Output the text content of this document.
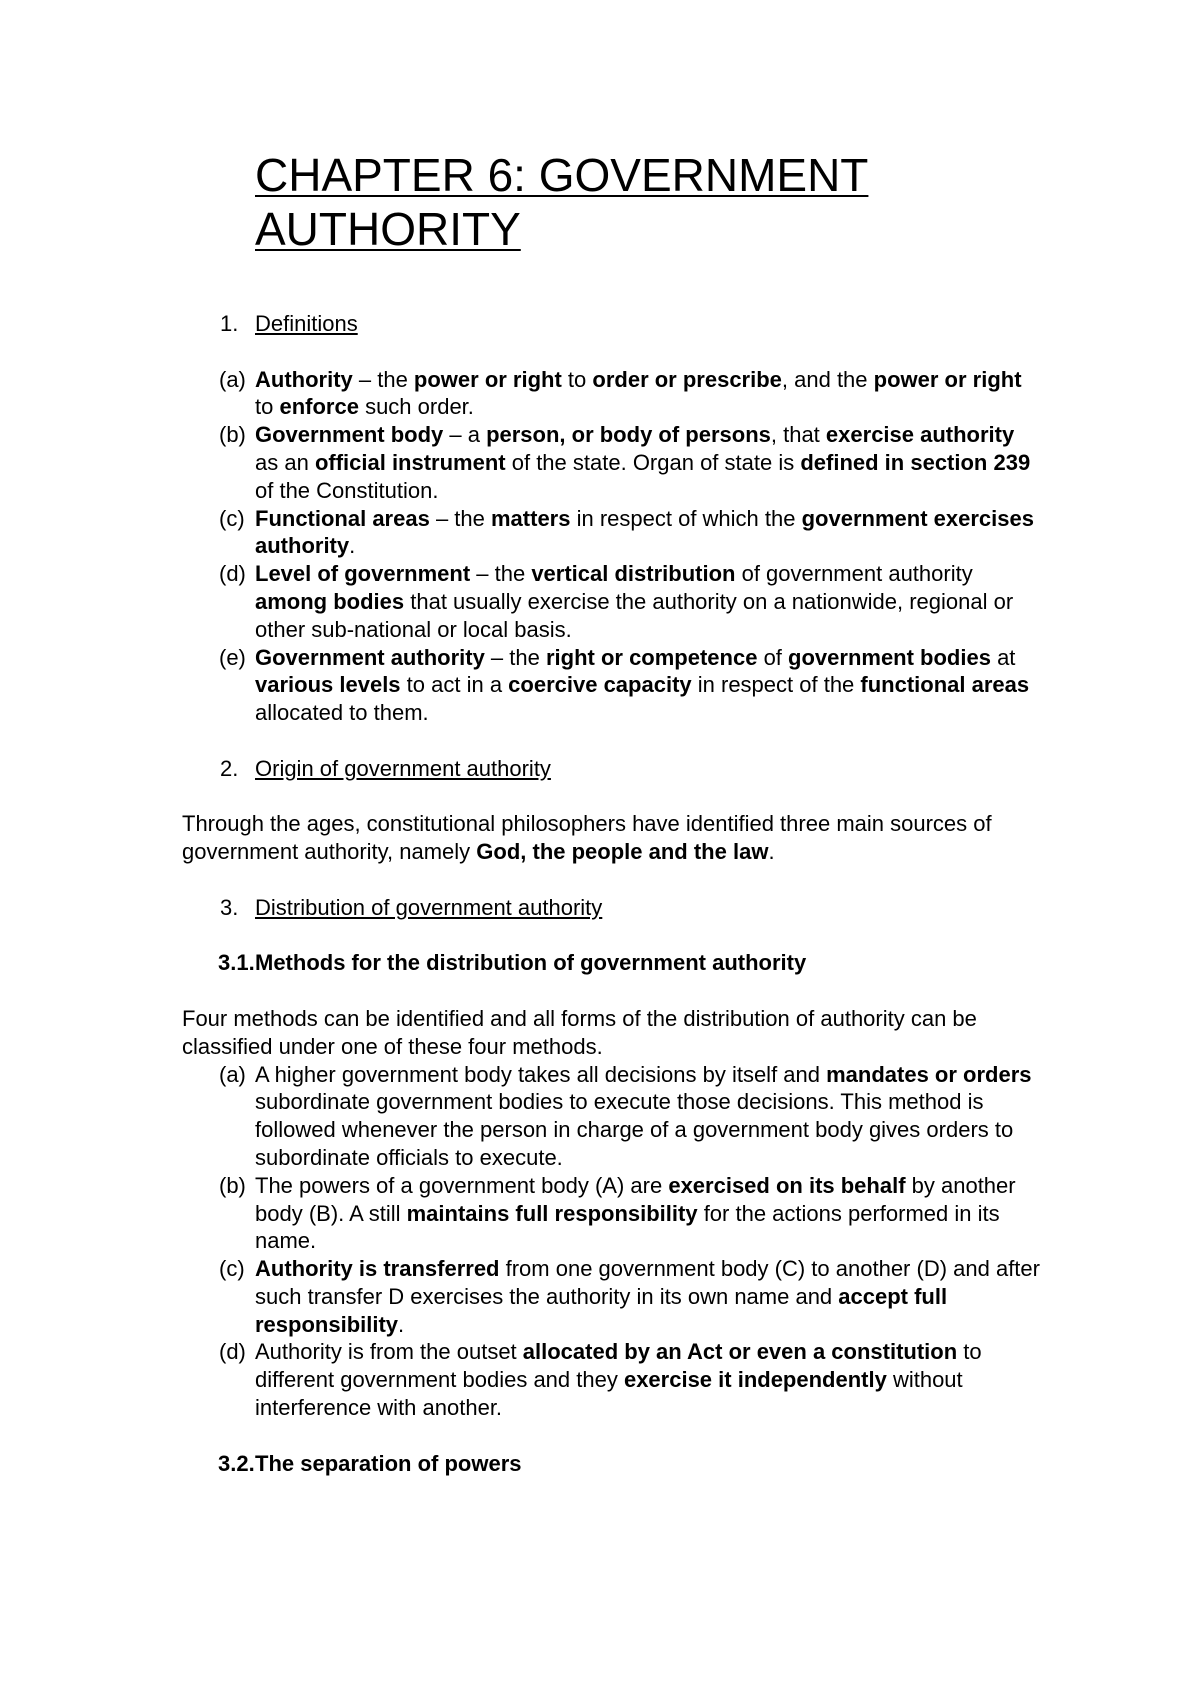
CHAPTER 6: GOVERNMENT AUTHORITY

1. Definitions

(a) Authority – the power or right to order or prescribe, and the power or right to enforce such order.
(b) Government body – a person, or body of persons, that exercise authority as an official instrument of the state. Organ of state is defined in section 239 of the Constitution.
(c) Functional areas – the matters in respect of which the government exercises authority.
(d) Level of government – the vertical distribution of government authority among bodies that usually exercise the authority on a nationwide, regional or other sub-national or local basis.
(e) Government authority – the right or competence of government bodies at various levels to act in a coercive capacity in respect of the functional areas allocated to them.

2. Origin of government authority

Through the ages, constitutional philosophers have identified three main sources of government authority, namely God, the people and the law.

3. Distribution of government authority

3.1. Methods for the distribution of government authority

Four methods can be identified and all forms of the distribution of authority can be classified under one of these four methods.

(a) A higher government body takes all decisions by itself and mandates or orders subordinate government bodies to execute those decisions. This method is followed whenever the person in charge of a government body gives orders to subordinate officials to execute.
(b) The powers of a government body (A) are exercised on its behalf by another body (B). A still maintains full responsibility for the actions performed in its name.
(c) Authority is transferred from one government body (C) to another (D) and after such transfer D exercises the authority in its own name and accept full responsibility.
(d) Authority is from the outset allocated by an Act or even a constitution to different government bodies and they exercise it independently without interference with another.

3.2. The separation of powers
